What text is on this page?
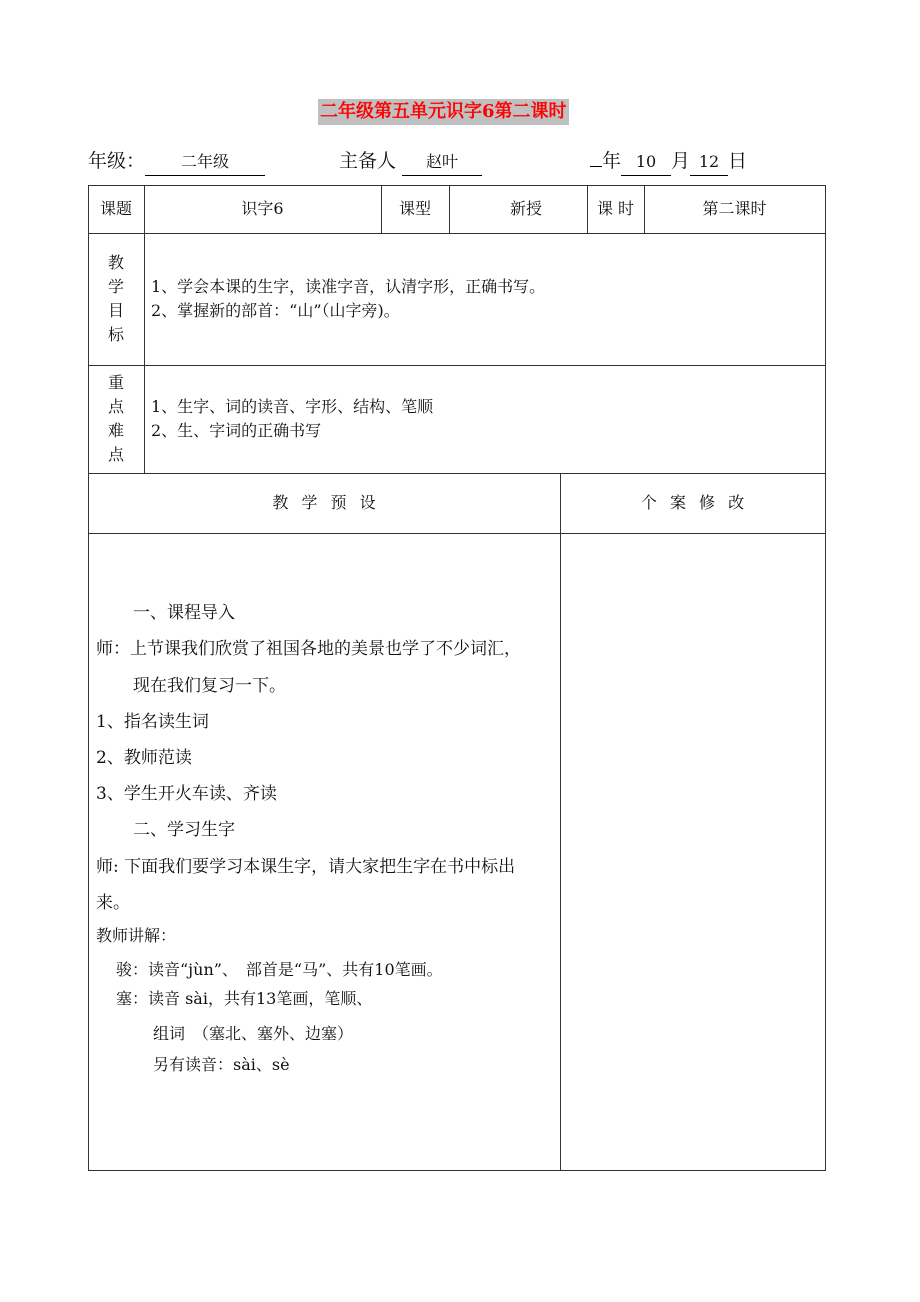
二年级第五单元识字6第二课时
年级： 二年级	主备人 赵叶	年 10 月 12 日
课题	识字6	课型	新授	课 时	第二课时
教
学
目
标
1、学会本课的生字，读准字音，认清字形，正确书写。
2、掌握新的部首：“山”（山字旁)。
重
点
难
点
1、生字、词的读音、字形、结构、笔顺
2、生、字词的正确书写
教 学 预 设	个 案 修 改
一、课程导入
师：上节课我们欣赏了祖国各地的美景也学了不少词汇，
现在我们复习一下。
1、指名读生词
2、教师范读
3、学生开火车读、齐读
二、学习生字
师: 下面我们要学习本课生字，请大家把生字在书中标出
来。
教师讲解：
骏：读音“jùn”、　部首是“马”、共有10笔画。
塞：读音 sài，共有13笔画，笔顺、
组词　（塞北、塞外、边塞）
另有读音：sài、sè
